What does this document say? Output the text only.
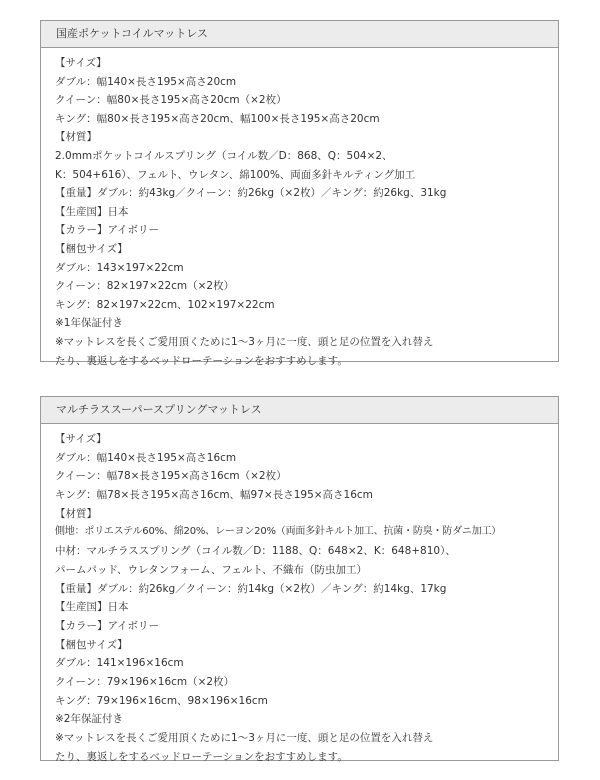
国産ポケットコイルマットレス
【サイズ】
ダブル：幅140×長さ195×高さ20cm
クイーン：幅80×長さ195×高さ20cm（×2枚）
キング：幅80×長さ195×高さ20cm、幅100×長さ195×高さ20cm
【材質】
2.0mmポケットコイルスプリング（コイル数／D：868、Q：504×2、
K：504+616）、フェルト、ウレタン、綿100%、両面多針キルティング加工
【重量】ダブル：約43kg／クイーン：約26kg（×2枚）／キング：約26kg、31kg
【生産国】日本
【カラー】アイボリー
【梱包サイズ】
ダブル：143×197×22cm
クイーン：82×197×22cm（×2枚）
キング：82×197×22cm、102×197×22cm
※1年保証付き
※マットレスを長くご愛用頂くために1～3ヶ月に一度、頭と足の位置を入れ替え
たり、裏返しをするベッドローテーションをおすすめします。
マルチラススーパースプリングマットレス
【サイズ】
ダブル：幅140×長さ195×高さ16cm
クイーン：幅78×長さ195×高さ16cm（×2枚）
キング：幅78×長さ195×高さ16cm、幅97×長さ195×高さ16cm
【材質】
側地：ポリエステル60%、綿20%、レーヨン20%（両面多針キルト加工、抗菌・防臭・防ダニ加工）
中材：マルチラススプリング（コイル数／D：1188、Q：648×2、K：648+810）、
パームパッド、ウレタンフォーム、フェルト、不織布（防虫加工）
【重量】ダブル：約26kg／クイーン：約14kg（×2枚）／キング：約14kg、17kg
【生産国】日本
【カラー】アイボリー
【梱包サイズ】
ダブル：141×196×16cm
クイーン：79×196×16cm（×2枚）
キング：79×196×16cm、98×196×16cm
※2年保証付き
※マットレスを長くご愛用頂くために1～3ヶ月に一度、頭と足の位置を入れ替え
たり、裏返しをするベッドローテーションをおすすめします。
